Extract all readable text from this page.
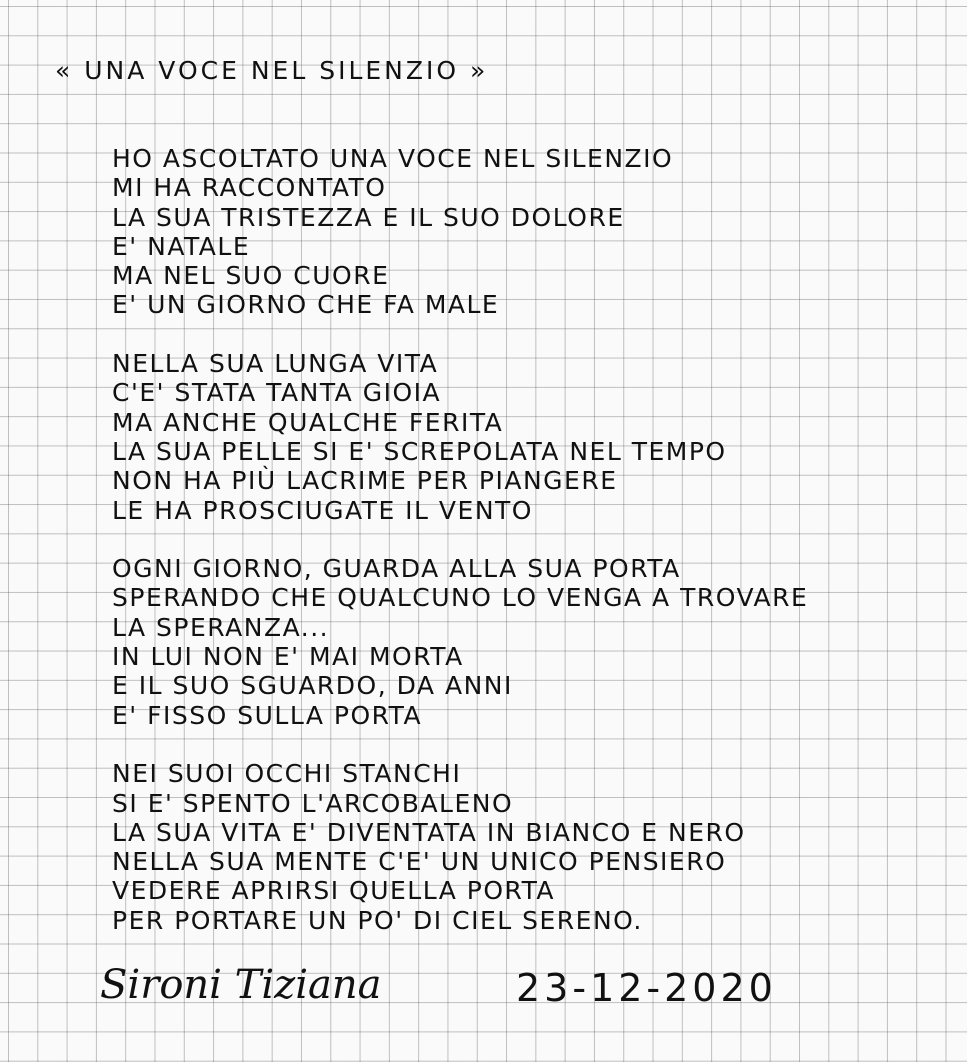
« UNA VOCE NEL SILENZIO »
HO ASCOLTATO UNA VOCE NEL SILENZIO
MI HA RACCONTATO
LA SUA TRISTEZZA E IL SUO DOLORE
E' NATALE
MA NEL SUO CUORE
E' UN GIORNO CHE FA MALE
NELLA SUA LUNGA VITA
C'E' STATA TANTA GIOIA
MA ANCHE QUALCHE FERITA
LA SUA PELLE SI E' SCREPOLATA NEL TEMPO
NON HA PIÙ LACRIME PER PIANGERE
LE HA PROSCIUGATE IL VENTO
OGNI GIORNO, GUARDA ALLA SUA PORTA
SPERANDO CHE QUALCUNO LO VENGA A TROVARE
LA SPERANZA...
IN LUI NON E' MAI MORTA
E IL SUO SGUARDO, DA ANNI
E' FISSO SULLA PORTA
NEI SUOI OCCHI STANCHI
SI E' SPENTO L'ARCOBALENO
LA SUA VITA E' DIVENTATA IN BIANCO E NERO
NELLA SUA MENTE C'E' UN UNICO PENSIERO
VEDERE APRIRSI QUELLA PORTA
PER PORTARE UN PO' DI CIEL SERENO.
Sironi Tiziana	23-12-2020
